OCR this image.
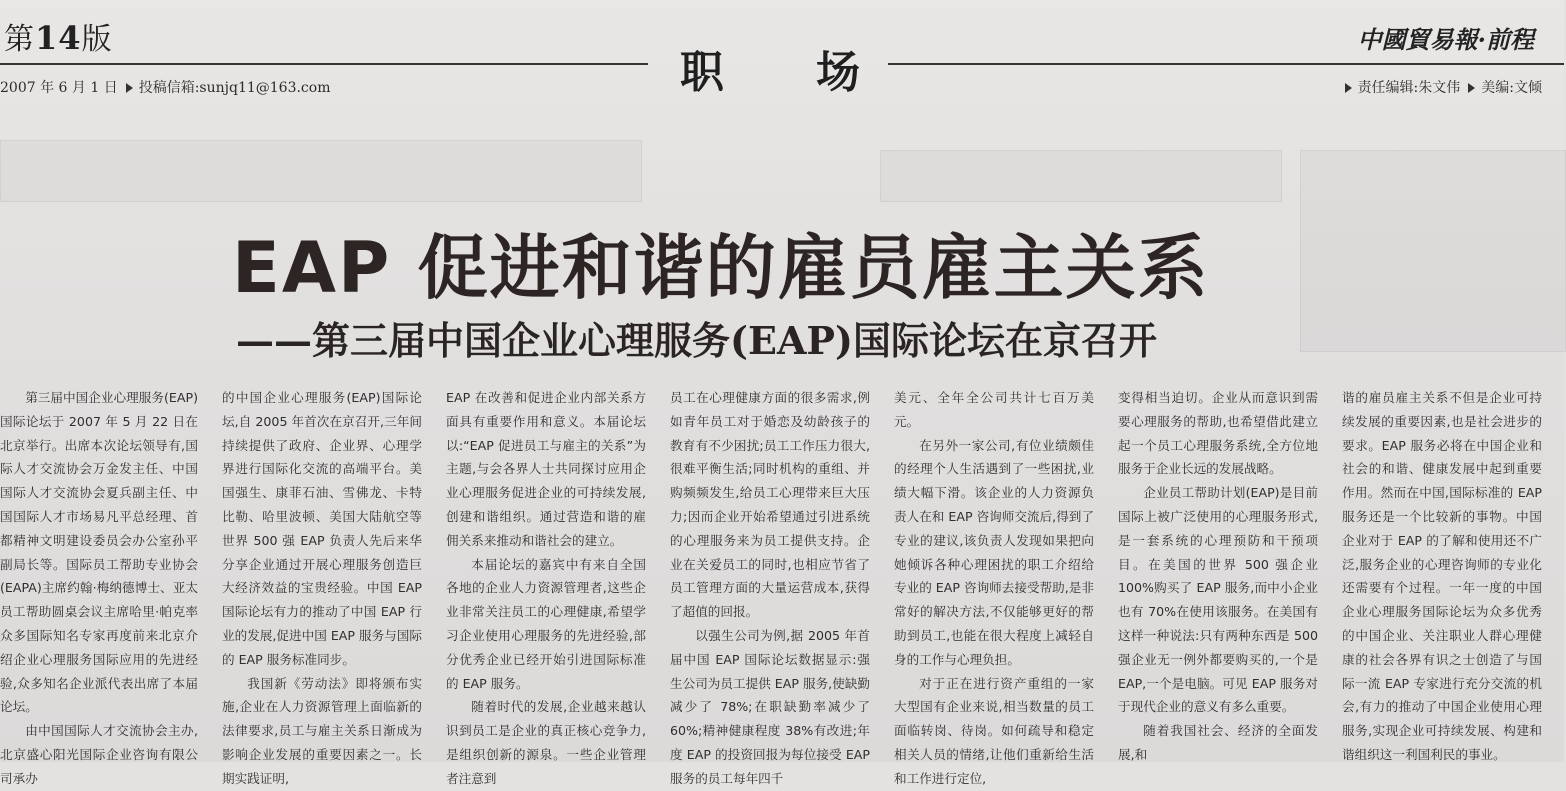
第14版
职 场
中國貿易報·前程
2007 年 6 月 1 日 投稿信箱:sunjq11@163.com	责任编辑:朱文伟 美编:文倾
EAP 促进和谐的雇员雇主关系
——第三届中国企业心理服务(EAP)国际论坛在京召开

第三届中国企业心理服务(EAP)国际论坛于 2007 年 5 月 22 日在北京举行。出席本次论坛领导有,国际人才交流协会万金发主任、中国国际人才交流协会夏兵副主任、中国国际人才市场易凡平总经理、首都精神文明建设委员会办公室孙平副局长等。国际员工帮助专业协会(EAPA)主席约翰·梅纳德博士、亚太员工帮助圆桌会议主席哈里·帕克率众多国际知名专家再度前来北京介绍企业心理服务国际应用的先进经验,众多知名企业派代表出席了本届论坛。

由中国国际人才交流协会主办,北京盛心阳光国际企业咨询有限公司承办

的中国企业心理服务(EAP)国际论坛,自 2005 年首次在京召开,三年间持续提供了政府、企业界、心理学界进行国际化交流的高端平台。美国强生、康菲石油、雪佛龙、卡特比勒、哈里波顿、美国大陆航空等世界 500 强 EAP 负责人先后来华分享企业通过开展心理服务创造巨大经济效益的宝贵经验。中国 EAP 国际论坛有力的推动了中国 EAP 行业的发展,促进中国 EAP 服务与国际的 EAP 服务标准同步。

我国新《劳动法》即将颁布实施,企业在人力资源管理上面临新的法律要求,员工与雇主关系日渐成为影响企业发展的重要因素之一。长期实践证明,

EAP 在改善和促进企业内部关系方面具有重要作用和意义。本届论坛以:“EAP 促进员工与雇主的关系”为主题,与会各界人士共同探讨应用企业心理服务促进企业的可持续发展,创建和谐组织。通过营造和谐的雇佣关系来推动和谐社会的建立。

本届论坛的嘉宾中有来自全国各地的企业人力资源管理者,这些企业非常关注员工的心理健康,希望学习企业使用心理服务的先进经验,部分优秀企业已经开始引进国际标准的 EAP 服务。

随着时代的发展,企业越来越认识到员工是企业的真正核心竞争力,是组织创新的源泉。一些企业管理者注意到

员工在心理健康方面的很多需求,例如青年员工对于婚恋及幼龄孩子的教育有不少困扰;员工工作压力很大,很难平衡生活;同时机构的重组、并购频频发生,给员工心理带来巨大压力;因而企业开始希望通过引进系统的心理服务来为员工提供支持。企业在关爱员工的同时,也相应节省了员工管理方面的大量运营成本,获得了超值的回报。

以强生公司为例,据 2005 年首届中国 EAP 国际论坛数据显示:强生公司为员工提供 EAP 服务,使缺勤减少了 78%;在职缺勤率减少了 60%;精神健康程度 38%有改进;年度 EAP 的投资回报为每位接受 EAP 服务的员工每年四千

美元、全年全公司共计七百万美元。

在另外一家公司,有位业绩颇佳的经理个人生活遇到了一些困扰,业绩大幅下滑。该企业的人力资源负责人在和 EAP 咨询师交流后,得到了专业的建议,该负责人发现如果把向她倾诉各种心理困扰的职工介绍给专业的 EAP 咨询师去接受帮助,是非常好的解决方法,不仅能够更好的帮助到员工,也能在很大程度上减轻自身的工作与心理负担。

对于正在进行资产重组的一家大型国有企业来说,相当数量的员工面临转岗、待岗。如何疏导和稳定相关人员的情绪,让他们重新给生活和工作进行定位,

变得相当迫切。企业从而意识到需要心理服务的帮助,也希望借此建立起一个员工心理服务系统,全方位地服务于企业长远的发展战略。

企业员工帮助计划(EAP)是目前国际上被广泛使用的心理服务形式,是一套系统的心理预防和干预项目。在美国的世界 500 强企业 100%购买了 EAP 服务,而中小企业也有 70%在使用该服务。在美国有这样一种说法:只有两种东西是 500 强企业无一例外都要购买的,一个是 EAP,一个是电脑。可见 EAP 服务对于现代企业的意义有多么重要。

随着我国社会、经济的全面发展,和

谐的雇员雇主关系不但是企业可持续发展的重要因素,也是社会进步的要求。EAP 服务必将在中国企业和社会的和谐、健康发展中起到重要作用。然而在中国,国际标准的 EAP 服务还是一个比较新的事物。中国企业对于 EAP 的了解和使用还不广泛,服务企业的心理咨询师的专业化还需要有个过程。一年一度的中国企业心理服务国际论坛为众多优秀的中国企业、关注职业人群心理健康的社会各界有识之士创造了与国际一流 EAP 专家进行充分交流的机会,有力的推动了中国企业使用心理服务,实现企业可持续发展、构建和谐组织这一利国利民的事业。
